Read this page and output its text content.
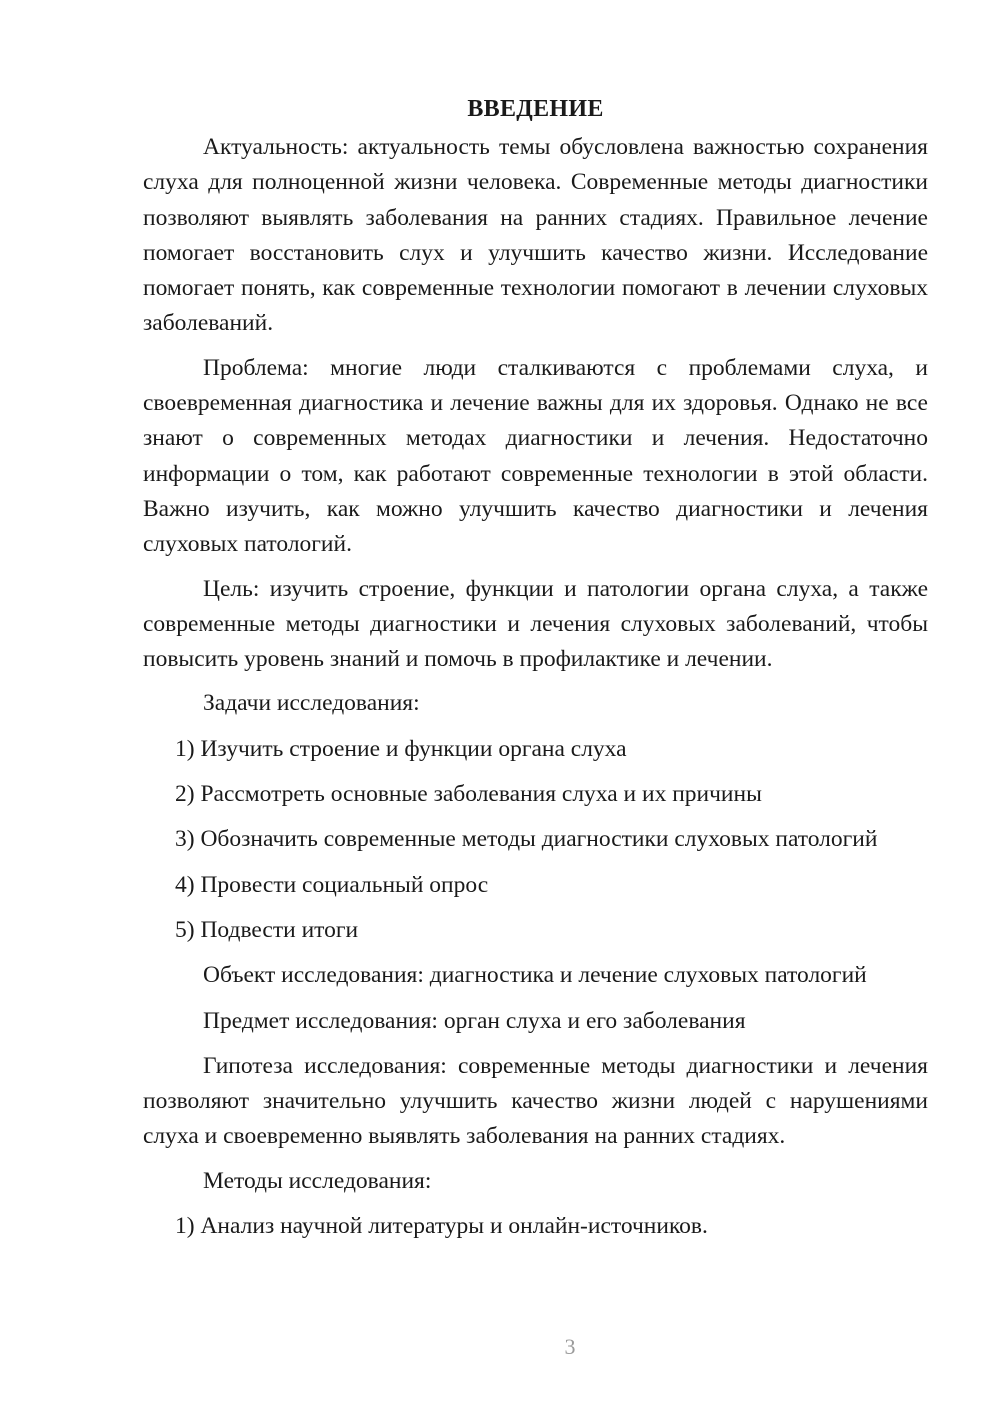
ВВЕДЕНИЕ

Актуальность: актуальность темы обусловлена важностью сохранения слуха для полноценной жизни человека. Современные методы диагностики позволяют выявлять заболевания на ранних стадиях. Правильное лечение помогает восстановить слух и улучшить качество жизни. Исследование помогает понять, как современные технологии помогают в лечении слуховых заболеваний.

Проблема: многие люди сталкиваются с проблемами слуха, и своевременная диагностика и лечение важны для их здоровья. Однако не все знают о современных методах диагностики и лечения. Недостаточно информации о том, как работают современные технологии в этой области. Важно изучить, как можно улучшить качество диагностики и лечения слуховых патологий.

Цель: изучить строение, функции и патологии органа слуха, а также современные методы диагностики и лечения слуховых заболеваний, чтобы повысить уровень знаний и помочь в профилактике и лечении.

Задачи исследования:
1) Изучить строение и функции органа слуха
2) Рассмотреть основные заболевания слуха и их причины
3) Обозначить современные методы диагностики слуховых патологий
4) Провести социальный опрос
5) Подвести итоги
Объект исследования: диагностика и лечение слуховых патологий
Предмет исследования: орган слуха и его заболевания

Гипотеза исследования: современные методы диагностики и лечения позволяют значительно улучшить качество жизни людей с нарушениями слуха и своевременно выявлять заболевания на ранних стадиях.

Методы исследования:
1) Анализ научной литературы и онлайн-источников.
3
